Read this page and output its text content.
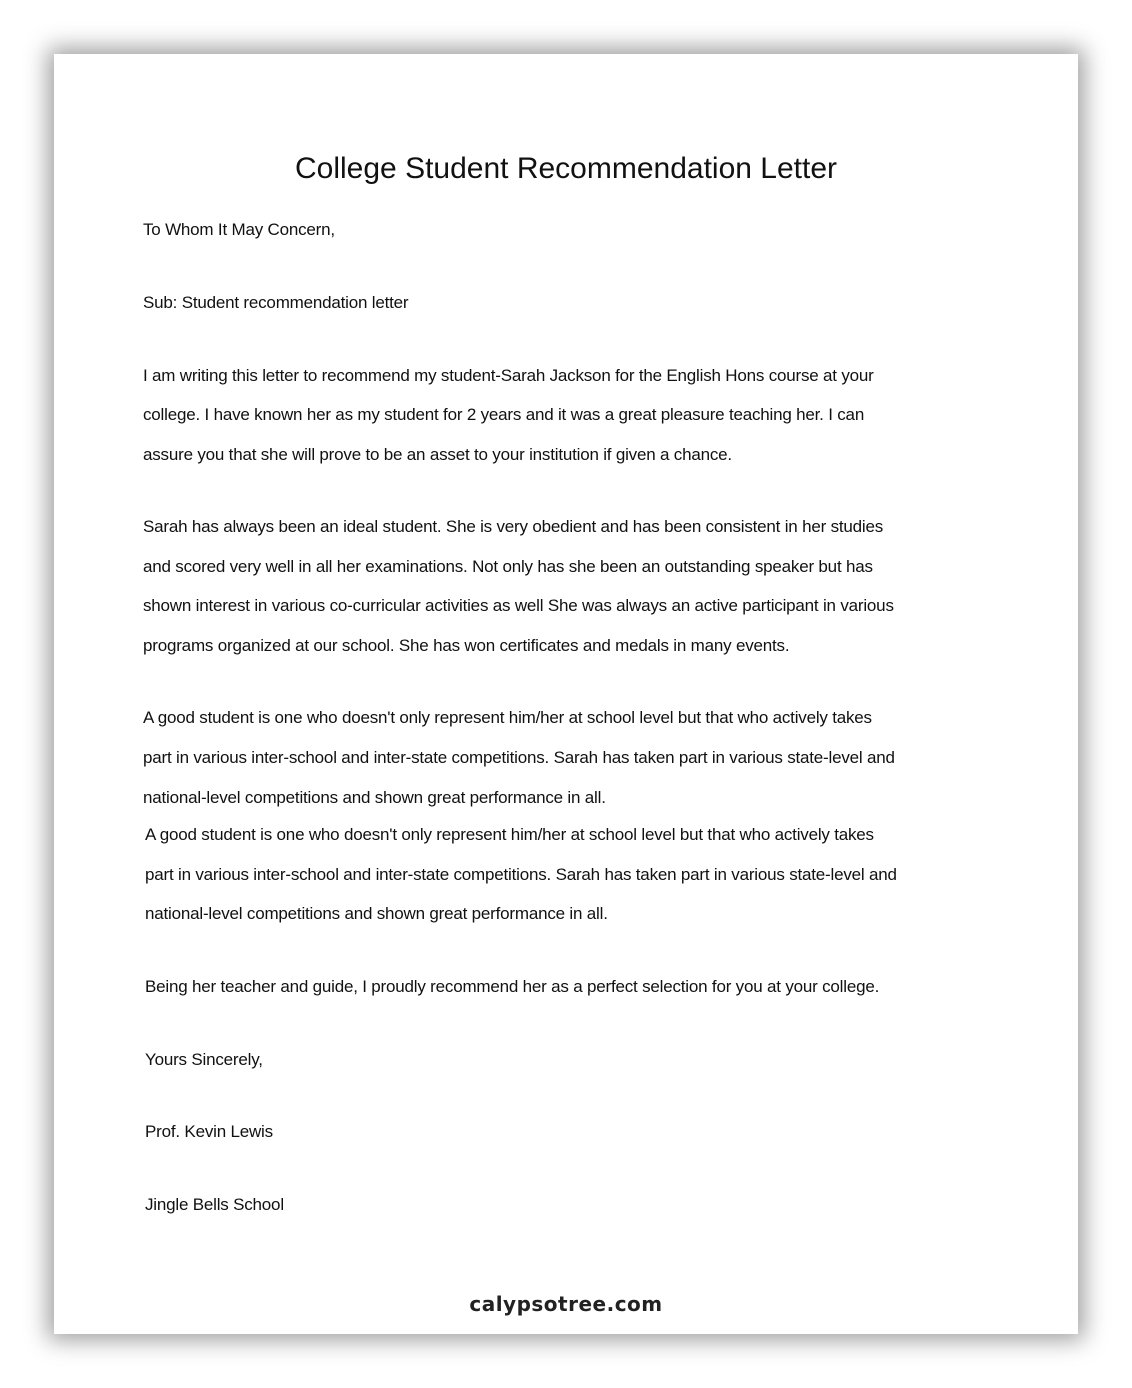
College Student Recommendation Letter
To Whom It May Concern,
Sub: Student recommendation letter
I am writing this letter to recommend my student-Sarah Jackson for the English Hons course at your
college. I have known her as my student for 2 years and it was a great pleasure teaching her. I can
assure you that she will prove to be an asset to your institution if given a chance.
Sarah has always been an ideal student. She is very obedient and has been consistent in her studies
and scored very well in all her examinations. Not only has she been an outstanding speaker but has
shown interest in various co-curricular activities as well She was always an active participant in various
programs organized at our school. She has won certificates and medals in many events.
A good student is one who doesn't only represent him/her at school level but that who actively takes
part in various inter-school and inter-state competitions. Sarah has taken part in various state-level and
national-level competitions and shown great performance in all.
A good student is one who doesn't only represent him/her at school level but that who actively takes
part in various inter-school and inter-state competitions. Sarah has taken part in various state-level and
national-level competitions and shown great performance in all.
Being her teacher and guide, I proudly recommend her as a perfect selection for you at your college.
Yours Sincerely,
Prof. Kevin Lewis
Jingle Bells School
calypsotree.com
